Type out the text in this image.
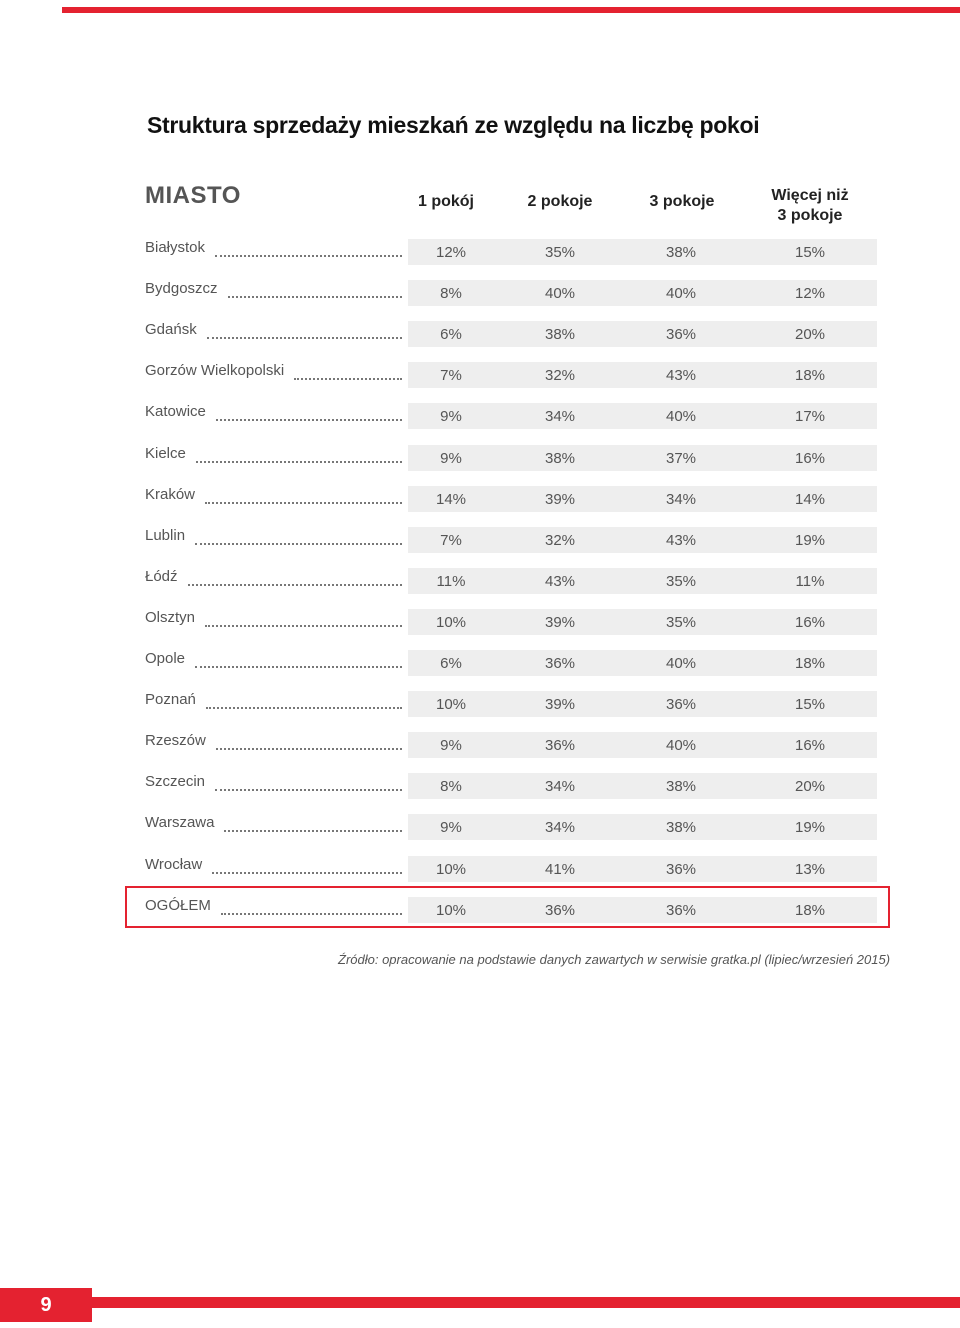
Struktura sprzedaży mieszkań ze względu na liczbę pokoi
MIASTO	1 pokój	2 pokoje	3 pokoje	Więcej niż
3 pokoje
Białystok	12%	35%	38%	15%
Bydgoszcz	8%	40%	40%	12%
Gdańsk	6%	38%	36%	20%
Gorzów Wielkopolski	7%	32%	43%	18%
Katowice	9%	34%	40%	17%
Kielce	9%	38%	37%	16%
Kraków	14%	39%	34%	14%
Lublin	7%	32%	43%	19%
Łódź	11%	43%	35%	11%
Olsztyn	10%	39%	35%	16%
Opole	6%	36%	40%	18%
Poznań	10%	39%	36%	15%
Rzeszów	9%	36%	40%	16%
Szczecin	8%	34%	38%	20%
Warszawa	9%	34%	38%	19%
Wrocław	10%	41%	36%	13%
OGÓŁEM	10%	36%	36%	18%
Źródło: opracowanie na podstawie danych zawartych w serwisie gratka.pl (lipiec/wrzesień 2015)
9
